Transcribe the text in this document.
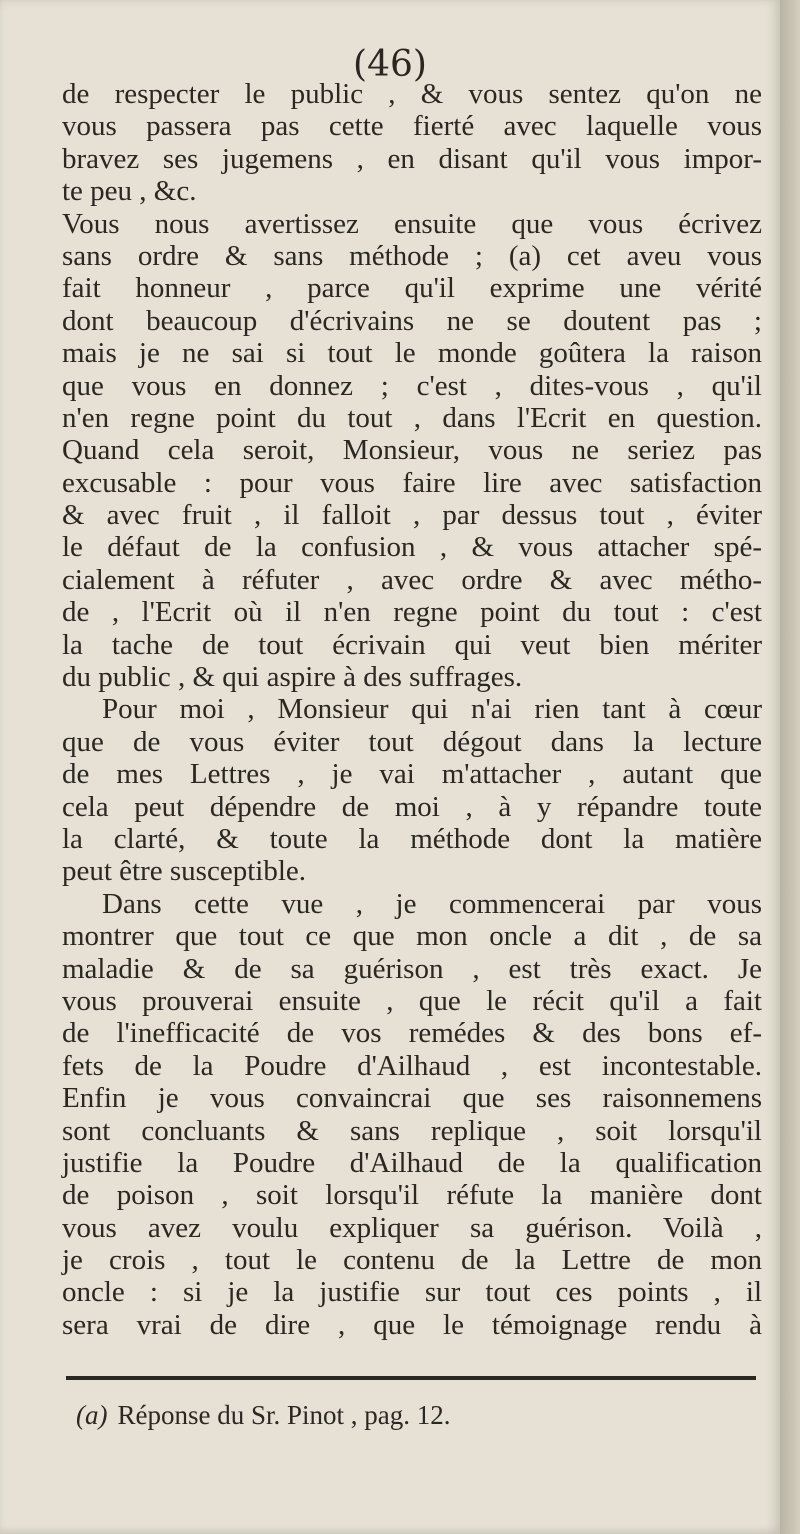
(46)
de respecter le public , & vous sentez qu'on ne
vous passera pas cette fierté avec laquelle vous
bravez ses jugemens , en disant qu'il vous impor-
te peu , &c.
Vous nous avertissez ensuite que vous écrivez
sans ordre & sans méthode ; (a) cet aveu vous
fait honneur , parce qu'il exprime une vérité
dont beaucoup d'écrivains ne se doutent pas ;
mais je ne sai si tout le monde goûtera la raison
que vous en donnez ; c'est , dites-vous , qu'il
n'en regne point du tout , dans l'Ecrit en question.
Quand cela seroit, Monsieur, vous ne seriez pas
excusable : pour vous faire lire avec satisfaction
& avec fruit , il falloit , par dessus tout , éviter
le défaut de la confusion , & vous attacher spé-
cialement à réfuter , avec ordre & avec métho-
de , l'Ecrit où il n'en regne point du tout : c'est
la tache de tout écrivain qui veut bien mériter
du public , & qui aspire à des suffrages.
Pour moi , Monsieur qui n'ai rien tant à cœur
que de vous éviter tout dégout dans la lecture
de mes Lettres , je vai m'attacher , autant que
cela peut dépendre de moi , à y répandre toute
la clarté, & toute la méthode dont la matière
peut être susceptible.
Dans cette vue , je commencerai par vous
montrer que tout ce que mon oncle a dit , de sa
maladie & de sa guérison , est très exact. Je
vous prouverai ensuite , que le récit qu'il a fait
de l'inefficacité de vos remédes & des bons ef-
fets de la Poudre d'Ailhaud , est incontestable.
Enfin je vous convaincrai que ses raisonnemens
sont concluants & sans replique , soit lorsqu'il
justifie la Poudre d'Ailhaud de la qualification
de poison , soit lorsqu'il réfute la manière dont
vous avez voulu expliquer sa guérison. Voilà ,
je crois , tout le contenu de la Lettre de mon
oncle : si je la justifie sur tout ces points , il
sera vrai de dire , que le témoignage rendu à
(a) Réponse du Sr. Pinot , pag. 12.
